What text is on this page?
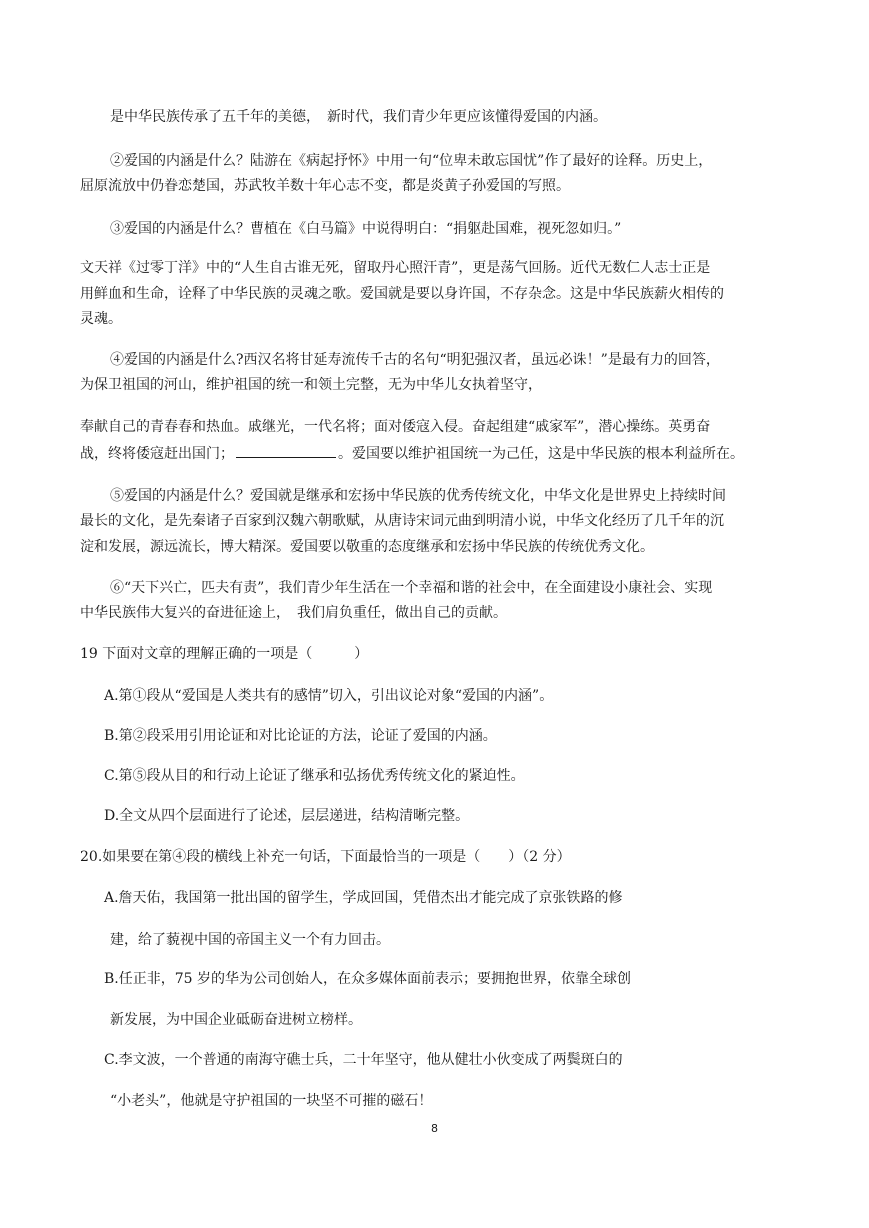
是中华民族传承了五千年的美德，　新时代，我们青少年更应该懂得爱国的内涵。
②爱国的内涵是什么？陆游在《病起抒怀》中用一句“位卑未敢忘国忧”作了最好的诠释。历史上，
屈原流放中仍眷恋楚国，苏武牧羊数十年心志不变，都是炎黄子孙爱国的写照。
③爱国的内涵是什么？曹植在《白马篇》中说得明白：“捐躯赴国难，视死忽如归。”
文天祥《过零丁洋》中的“人生自古谁无死，留取丹心照汗青”，更是荡气回肠。近代无数仁人志士正是
用鲜血和生命，诠释了中华民族的灵魂之歌。爱国就是要以身许国，不存杂念。这是中华民族薪火相传的
灵魂。
④爱国的内涵是什么?西汉名将甘延寿流传千古的名句“明犯强汉者，虽远必诛！”是最有力的回答，
为保卫祖国的河山，维护祖国的统一和领土完整，无为中华儿女执着坚守，
奉献自己的青春春和热血。戚继光，一代名将；面对倭寇入侵。奋起组建“戚家军”，潜心操练。英勇奋
战，终将倭寇赶出国门；	。爱国要以维护祖国统一为己任，这是中华民族的根本利益所在。
⑤爱国的内涵是什么？爱国就是继承和宏扬中华民族的优秀传统文化，中华文化是世界史上持续时间
最长的文化，是先秦诸子百家到汉魏六朝歌赋，从唐诗宋词元曲到明清小说，中华文化经历了几千年的沉
淀和发展，源远流长，博大精深。爱国要以敬重的态度继承和宏扬中华民族的传统优秀文化。
⑥“天下兴亡，匹夫有责”，我们青少年生活在一个幸福和谐的社会中，在全面建设小康社会、实现
中华民族伟大复兴的奋进征途上，　我们肩负重任，做出自己的贡献。
19 下面对文章的理解正确的一项是（　　　）
A.第①段从“爱国是人类共有的感情”切入，引出议论对象“爱国的内涵”。
B.第②段采用引用论证和对比论证的方法，论证了爱国的内涵。
C.第⑤段从目的和行动上论证了继承和弘扬优秀传统文化的紧迫性。
D.全文从四个层面进行了论述，层层递进，结构清晰完整。
20.如果要在第④段的横线上补充一句话，下面最恰当的一项是（　　）（2 分）
A.詹天佑，我国第一批出国的留学生，学成回国，凭借杰出才能完成了京张铁路的修
建，给了藐视中国的帝国主义一个有力回击。
B.任正非，75 岁的华为公司创始人，在众多媒体面前表示；要拥抱世界，依靠全球创
新发展，为中国企业砥砺奋进树立榜样。
C.李文波，一个普通的南海守礁士兵，二十年坚守，他从健壮小伙变成了两鬓斑白的
“小老头”，他就是守护祖国的一块坚不可摧的磁石！
8
